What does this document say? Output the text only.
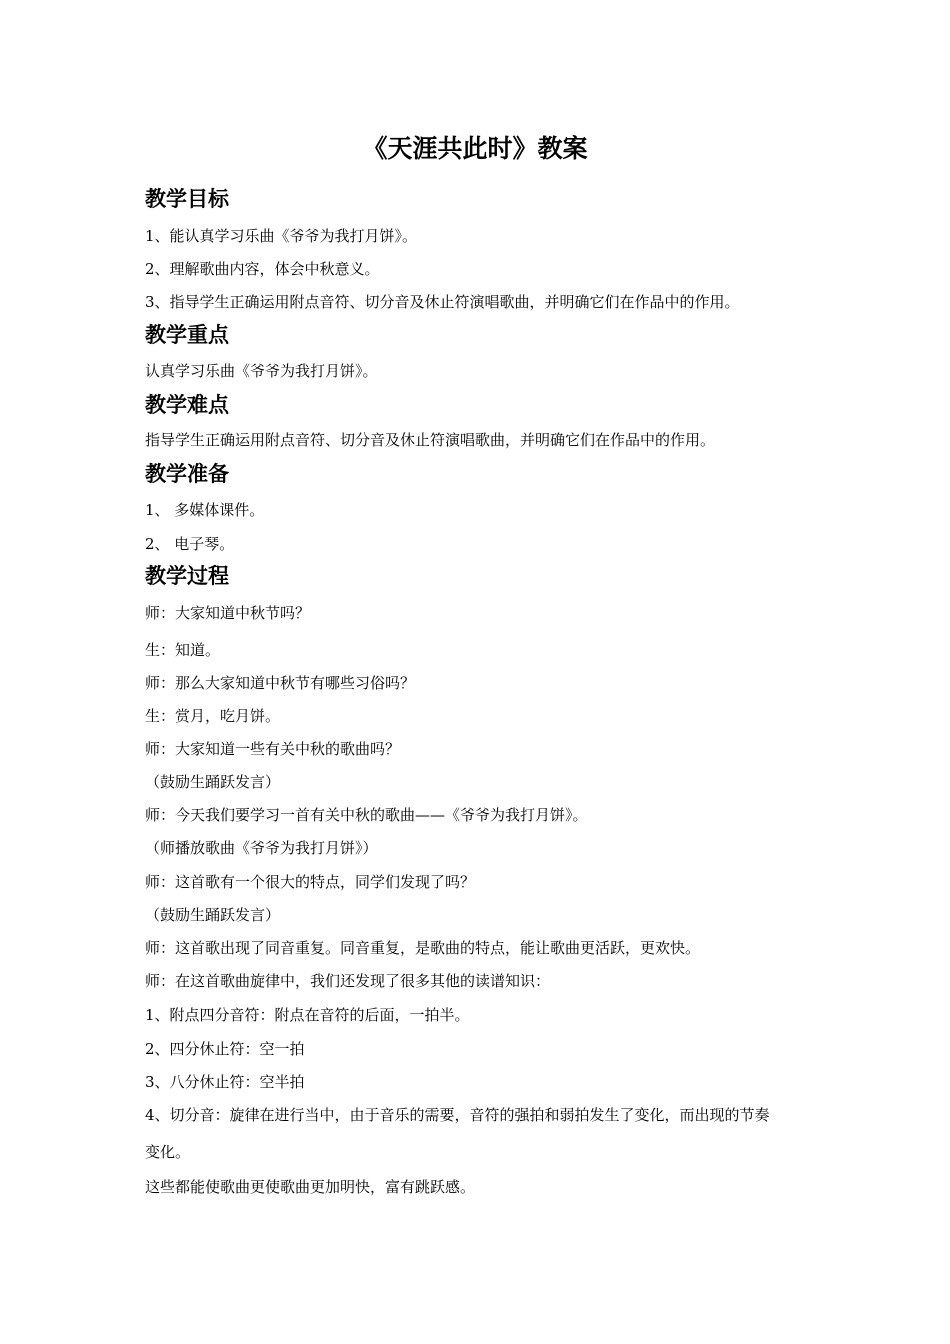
《天涯共此时》教案
教学目标
1、能认真学习乐曲《爷爷为我打月饼》。
2、理解歌曲内容，体会中秋意义。
3、指导学生正确运用附点音符、切分音及休止符演唱歌曲，并明确它们在作品中的作用。
教学重点
认真学习乐曲《爷爷为我打月饼》。
教学难点
指导学生正确运用附点音符、切分音及休止符演唱歌曲，并明确它们在作品中的作用。
教学准备
1、 多媒体课件。
2、 电子琴。
教学过程
师：大家知道中秋节吗？
生：知道。
师：那么大家知道中秋节有哪些习俗吗？
生：赏月，吃月饼。
师：大家知道一些有关中秋的歌曲吗？
（鼓励生踊跃发言）
师：今天我们要学习一首有关中秋的歌曲——《爷爷为我打月饼》。
（师播放歌曲《爷爷为我打月饼》）
师：这首歌有一个很大的特点，同学们发现了吗？
（鼓励生踊跃发言）
师：这首歌出现了同音重复。同音重复，是歌曲的特点，能让歌曲更活跃，更欢快。
师：在这首歌曲旋律中，我们还发现了很多其他的读谱知识：
1、附点四分音符：附点在音符的后面，一拍半。
2、四分休止符：空一拍
3、八分休止符：空半拍
4、切分音：旋律在进行当中，由于音乐的需要，音符的强拍和弱拍发生了变化，而出现的节奏
变化。
这些都能使歌曲更使歌曲更加明快，富有跳跃感。
